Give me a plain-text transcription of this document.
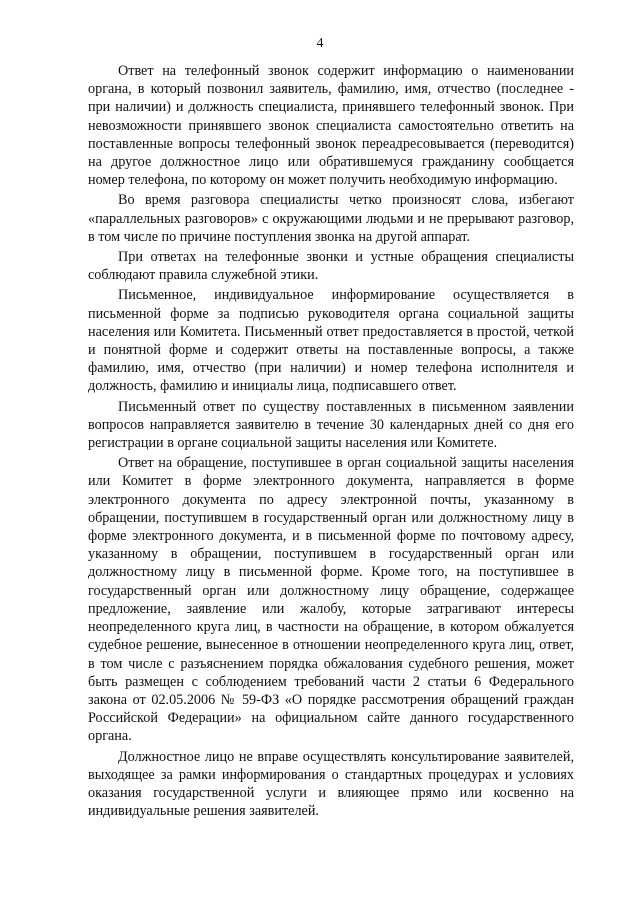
4

Ответ на телефонный звонок содержит информацию о наименовании органа, в который позвонил заявитель, фамилию, имя, отчество (последнее - при наличии) и должность специалиста, принявшего телефонный звонок. При невозможности принявшего звонок специалиста самостоятельно ответить на поставленные вопросы телефонный звонок переадресовывается (переводится) на другое должностное лицо или обратившемуся гражданину сообщается номер телефона, по которому он может получить необходимую информацию.

Во время разговора специалисты четко произносят слова, избегают «параллельных разговоров» с окружающими людьми и не прерывают разговор, в том числе по причине поступления звонка на другой аппарат.

При ответах на телефонные звонки и устные обращения специалисты соблюдают правила служебной этики.

Письменное, индивидуальное информирование осуществляется в письменной форме за подписью руководителя органа социальной защиты населения или Комитета. Письменный ответ предоставляется в простой, четкой и понятной форме и содержит ответы на поставленные вопросы, а также фамилию, имя, отчество (при наличии) и номер телефона исполнителя и должность, фамилию и инициалы лица, подписавшего ответ.

Письменный ответ по существу поставленных в письменном заявлении вопросов направляется заявителю в течение 30 календарных дней со дня его регистрации в органе социальной защиты населения или Комитете.

Ответ на обращение, поступившее в орган социальной защиты населения или Комитет в форме электронного документа, направляется в форме электронного документа по адресу электронной почты, указанному в обращении, поступившем в государственный орган или должностному лицу в форме электронного документа, и в письменной форме по почтовому адресу, указанному в обращении, поступившем в государственный орган или должностному лицу в письменной форме. Кроме того, на поступившее в государственный орган или должностному лицу обращение, содержащее предложение, заявление или жалобу, которые затрагивают интересы неопределенного круга лиц, в частности на обращение, в котором обжалуется судебное решение, вынесенное в отношении неопределенного круга лиц, ответ, в том числе с разъяснением порядка обжалования судебного решения, может быть размещен с соблюдением требований части 2 статьи 6 Федерального закона от 02.05.2006 № 59-ФЗ «О порядке рассмотрения обращений граждан Российской Федерации» на официальном сайте данного государственного органа.

Должностное лицо не вправе осуществлять консультирование заявителей, выходящее за рамки информирования о стандартных процедурах и условиях оказания государственной услуги и влияющее прямо или косвенно на индивидуальные решения заявителей.
